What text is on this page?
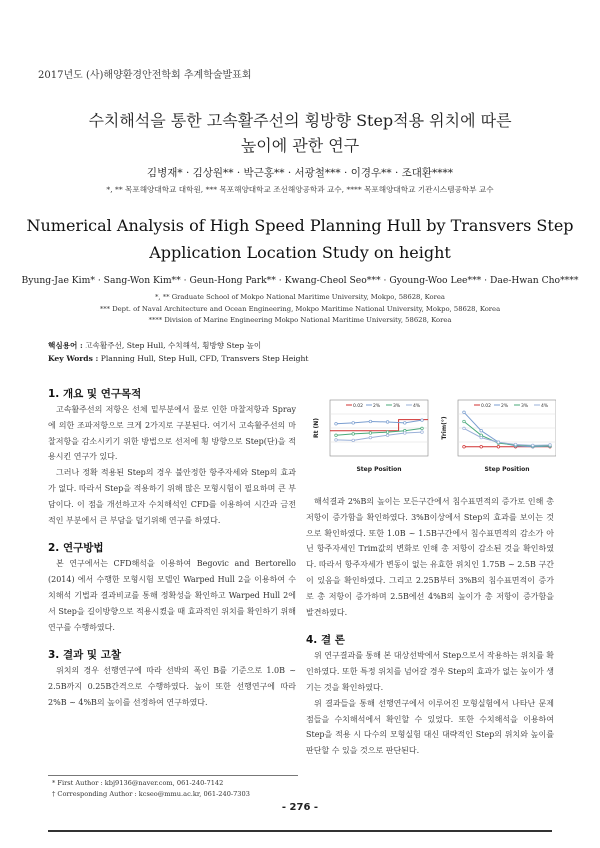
2017년도 (사)해양환경안전학회 추계학술발표회
수치해석을 통한 고속활주선의 횡방향 Step적용 위치에 따른
높이에 관한 연구
김병재* · 김상원** · 박근홍** · 서광철*** · 이경우** · 조대환****
*, ** 목포해양대학교 대학원, *** 목포해양대학교 조선해양공학과 교수, **** 목포해양대학교 기관시스템공학부 교수
Numerical Analysis of High Speed Planning Hull by Transvers Step
Application Location Study on height
Byung-Jae Kim* · Sang-Won Kim** · Geun-Hong Park** · Kwang-Cheol Seo*** · Gyoung-Woo Lee*** · Dae-Hwan Cho****
*, ** Graduate School of Mokpo National Maritime University, Mokpo, 58628, Korea
*** Dept. of Naval Architecture and Ocean Engineering, Mokpo Maritime National University, Mokpo, 58628, Korea
**** Division of Marine Engineering Mokpo National Maritime University, 58628, Korea
핵심용어 : 고속활주선, Step Hull, 수치해석, 횡방향 Step 높이
Key Words : Planning Hull, Step Hull, CFD, Transvers Step Height
1. 개요 및 연구목적
고속활주선의 저항은 선체 밑부분에서 물로 인한 마찰저항과 Spray에 의한 조파저항으로 크게 2가지로 구분된다. 여기서 고속활주선의 마찰저항을 감소시키기 위한 방법으로 선저에 횡 방향으로 Step(단)을 적용시킨 연구가 있다.
그러나 정확 적용된 Step의 경우 불안정한 항주자세와 Step의 효과가 없다. 따라서 Step을 적용하기 위해 많은 모형시험이 필요하며 큰 부담이다. 이 점을 개선하고자 수치해석인 CFD를 이용하여 시간과 금전적인 부분에서 큰 부담을 덜기위해 연구를 하였다.
2. 연구방법
본 연구에서는 CFD해석을 이용하여 Begovic and Bertorello (2014) 에서 수행한 모형시험 모델인 Warped Hull 2을 이용하여 수치해석 기법과 결과비교를 통해 정확성을 확인하고 Warped Hull 2에서 Step을 길이방향으로 적용시켰을 때 효과적인 위치를 확인하기 위해 연구를 수행하였다.
3. 결과 및 고찰
위치의 경우 선행연구에 따라 선박의 폭인 B를 기준으로 1.0B ~ 2.5B까지 0.25B간격으로 수행하였다. 높이 또한 선행연구에 따라 2%B ~ 4%B의 높이를 선정하여 연구하였다.
0.02 2%	3%	4%
Rt (N)
Step Position
0.02 2%	3%	4%
Trim(°)
Step Position
해석결과 2%B의 높이는 모든구간에서 침수표면적의 증가로 인해 총 저항이 증가함을 확인하였다. 3%B이상에서 Step의 효과를 보이는 것으로 확인하였다. 또한 1.0B ~ 1.5B구간에서 침수표면적의 감소가 아닌 항주자세인 Trim값의 변화로 인해 총 저항이 감소된 것을 확인하였다. 따라서 항주자세가 변동이 없는 유효한 위치인 1.75B ~ 2.5B 구간이 있음을 확인하였다. 그리고 2.25B부터 3%B의 침수표면적이 증가로 총 저항이 증가하며 2.5B에선 4%B의 높이가 총 저항이 증가함을 발견하였다.
4. 결 론
위 연구결과를 통해 본 대상선박에서 Step으로서 작용하는 위치를 확인하였다. 또한 특정 위치를 넘어갈 경우 Step의 효과가 없는 높이가 생기는 것을 확인하였다.
위 결과들을 통해 선행연구에서 이루어진 모형실험에서 나타난 문제점들을 수치해석에서 확인할 수 있었다. 또한 수치해석을 이용하여 Step을 적용 시 다수의 모형실험 대신 대략적인 Step의 위치와 높이를 판단할 수 있을 것으로 판단된다.
* First Author : kbj9136@naver.com, 061-240-7142
† Corresponding Author : kcseo@mmu.ac.kr, 061-240-7303
- 276 -
